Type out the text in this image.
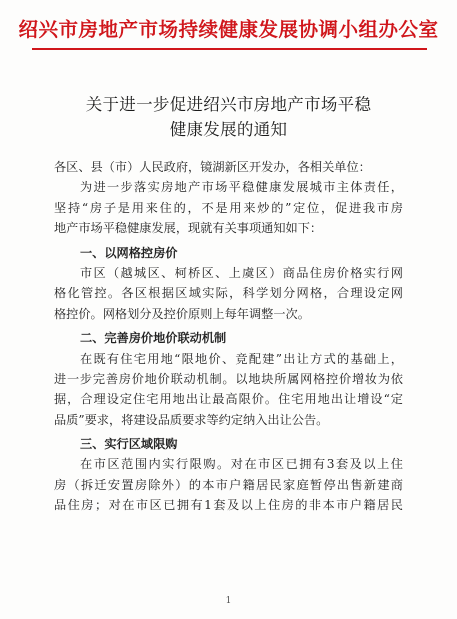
绍兴市房地产市场持续健康发展协调小组办公室
关于进一步促进绍兴市房地产市场平稳
健康发展的通知
各区、县（市）人民政府，镜湖新区开发办，各相关单位：
为进一步落实房地产市场平稳健康发展城市主体责任，
坚持“房子是用来住的，不是用来炒的”定位，促进我市房
地产市场平稳健康发展，现就有关事项通知如下：
一、以网格控房价
市区（越城区、柯桥区、上虞区）商品住房价格实行网
格化管控。各区根据区域实际，科学划分网格，合理设定网
格控价。网格划分及控价原则上每年调整一次。
二、完善房价地价联动机制
在既有住宅用地“限地价、竞配建”出让方式的基础上，
进一步完善房价地价联动机制。以地块所属网格控价增妆为依
据，合理设定住宅用地出让最高限价。住宅用地出让增设“定
品质”要求，将建设品质要求等约定纳入出让公告。
三、实行区域限购
在市区范围内实行限购。对在市区已拥有3套及以上住
房（拆迁安置房除外）的本市户籍居民家庭暂停出售新建商
品住房；对在市区已拥有1套及以上住房的非本市户籍居民
1
